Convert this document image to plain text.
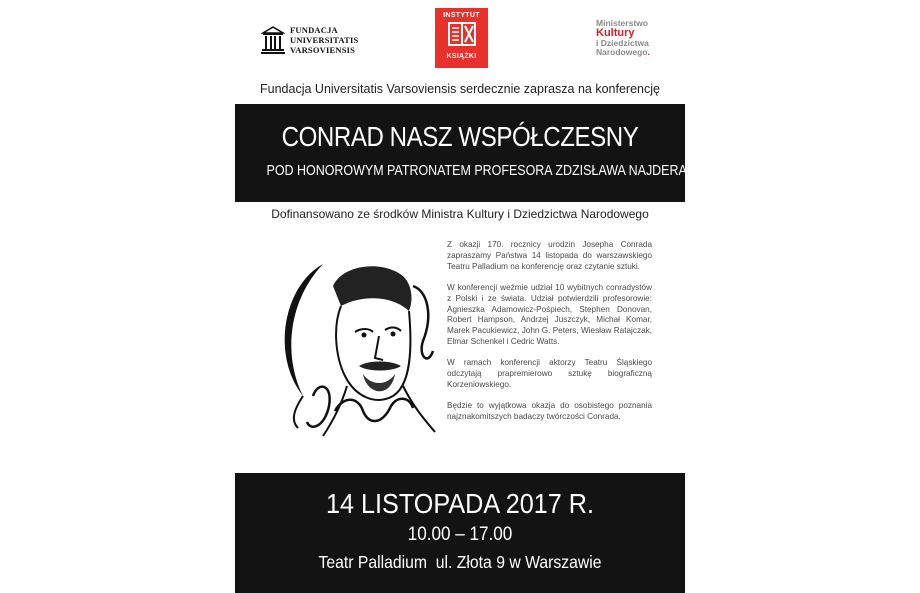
FUNDACJA
UNIVERSITATIS
VARSOVIENSIS
INSTYTUT
KSIĄŻKI
Ministerstwo
Kultury
i Dziedzictwa
Narodowego.
Fundacja Universitatis Varsoviensis serdecznie zaprasza na konferencję
CONRAD NASZ WSPÓŁCZESNY
POD HONOROWYM PATRONATEM PROFESORA ZDZISŁAWA NAJDERA
Dofinansowano ze środków Ministra Kultury i Dziedzictwa Narodowego

Z okazji 170. rocznicy urodzin Josepha Conrada zapraszamy Państwa 14 listopada do warszawskiego Teatru Palladium na konferencję oraz czytanie sztuki.

W konferencji weźmie udział 10 wybitnych conradystów z Polski i ze świata. Udział potwierdzili profesorowie: Agnieszka Adamowicz-Pośpiech, Stephen Donovan, Robert Hampson, Andrzej Juszczyk, Michał Komar, Marek Pacukiewicz, John G. Peters, Wiesław Ratajczak, Elmar Schenkel i Cedric Watts.

W ramach konferencji aktorzy Teatru Śląskiego odczytają prapremierowo sztukę biograficzną Korzeniowskiego.

Będzie to wyjątkowa okazja do osobistego poznania najznakomitszych badaczy twórczości Conrada.

14 LISTOPADA 2017 R.
10.00 – 17.00
Teatr Palladium  ul. Złota 9 w Warszawie
